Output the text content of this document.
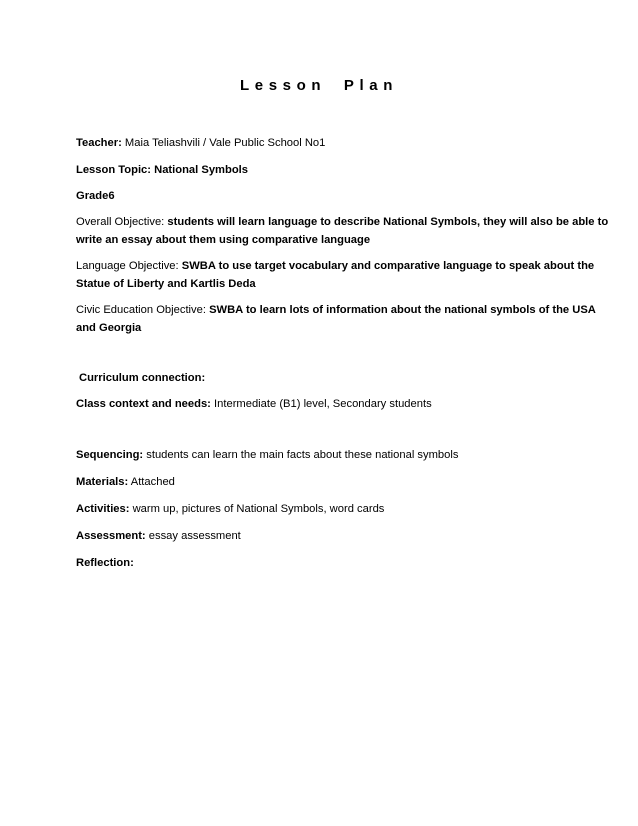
Lesson Plan
Teacher: Maia Teliashvili / Vale Public School No1
Lesson Topic: National Symbols
Grade6
Overall Objective: students will learn language to describe National Symbols, they will also be able to
write an essay about them using comparative language
Language Objective: SWBA to use target vocabulary and comparative language to speak about the
Statue of Liberty and Kartlis Deda
Civic Education Objective: SWBA to learn lots of information about the national symbols of the USA
and Georgia
Curriculum connection:
Class context and needs: Intermediate (B1) level, Secondary students
Sequencing: students can learn the main facts about these national symbols
Materials: Attached
Activities: warm up, pictures of National Symbols, word cards
Assessment: essay assessment
Reflection:
